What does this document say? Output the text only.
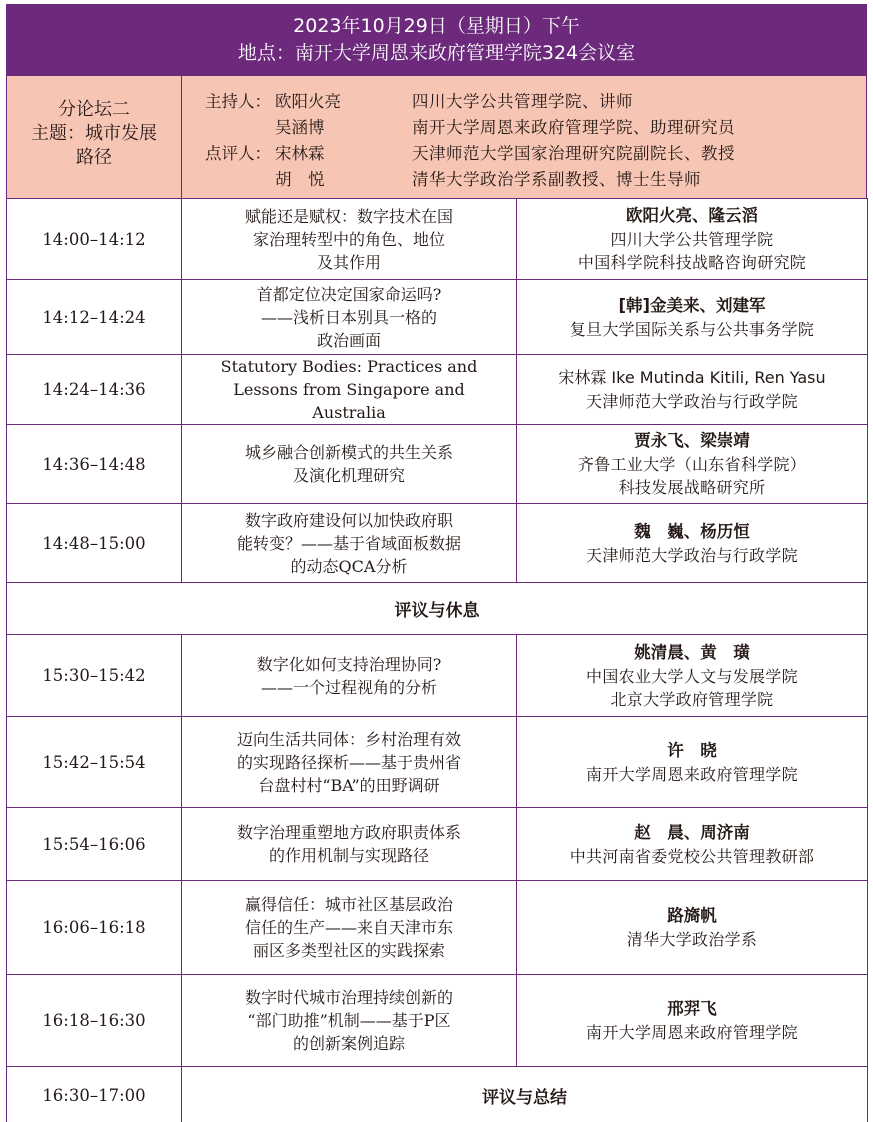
2023年10月29日（星期日）下午
地点：南开大学周恩来政府管理学院324会议室
分论坛二
主题：城市发展
路径
主持人： 欧阳火亮	四川大学公共管理学院、讲师
吴涵博	南开大学周恩来政府管理学院、助理研究员
点评人： 宋林霖	天津师范大学国家治理研究院副院长、教授
胡　悦	清华大学政治学系副教授、博士生导师
14:00–14:12	赋能还是赋权：数字技术在国
家治理转型中的角色、地位
及其作用	欧阳火亮、隆云滔
四川大学公共管理学院
中国科学院科技战略咨询研究院

14:12–14:24	首都定位决定国家命运吗?
——浅析日本别具一格的
政治画面	[韩]金美来、刘建军
复旦大学国际关系与公共事务学院

14:24–14:36	Statutory Bodies: Practices and
Lessons from Singapore and
Australia	宋林霖 Ike Mutinda Kitili, Ren Yasu
天津师范大学政治与行政学院

14:36–14:48	城乡融合创新模式的共生关系
及演化机理研究	贾永飞、梁崇靖
齐鲁工业大学（山东省科学院）
科技发展战略研究所

14:48–15:00	数字政府建设何以加快政府职
能转变？——基于省域面板数据
的动态QCA分析	魏　巍、杨历恒
天津师范大学政治与行政学院

评议与休息		
15:30–15:42	数字化如何支持治理协同?
——一个过程视角的分析	姚清晨、黄　璜
中国农业大学人文与发展学院
北京大学政府管理学院

15:42–15:54	迈向生活共同体：乡村治理有效
的实现路径探析——基于贵州省
台盘村村“BA”的田野调研	许　晓
南开大学周恩来政府管理学院

15:54–16:06	数字治理重塑地方政府职责体系
的作用机制与实现路径	赵　晨、周济南
中共河南省委党校公共管理教研部

16:06–16:18	赢得信任：城市社区基层政治
信任的生产——来自天津市东
丽区多类型社区的实践探索	路旖帆
清华大学政治学系

16:18–16:30	数字时代城市治理持续创新的
“部门助推”机制——基于P区
的创新案例追踪	邢羿飞
南开大学周恩来政府管理学院

16:30–17:00	评议与总结	
